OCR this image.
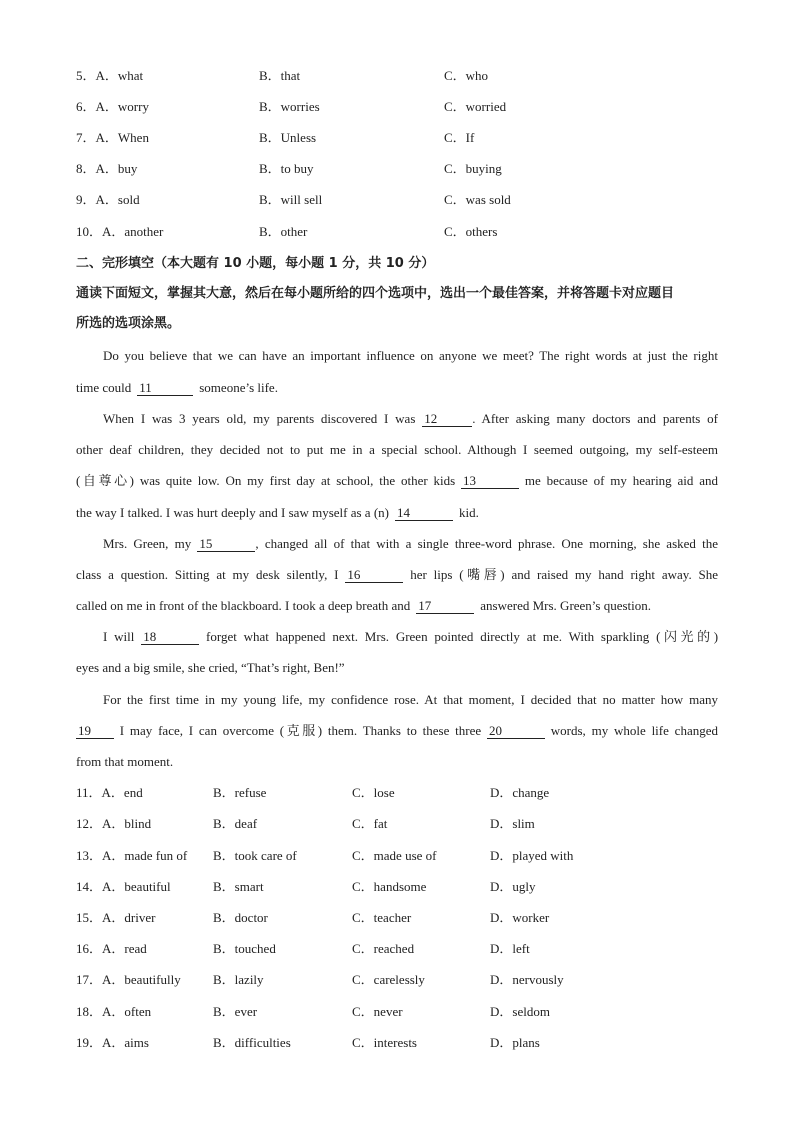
5．A．what	B．that	C．who
6．A．worry	B．worries	C．worried
7．A．When	B．Unless	C．If
8．A．buy	B．to buy	C．buying
9．A．sold	B．will sell	C．was sold
10．A．another	B．other	C．others
二、完形填空（本大题有 10 小题，每小题 1 分，共 10 分）
通读下面短文，掌握其大意，然后在每小题所给的四个选项中，选出一个最佳答案，并将答题卡对应题目
所选的选项涂黑。
Do you believe that we can have an important influence on anyone we meet? The right words at just the right
time could 11	someone’s life.
When I was 3 years old, my parents discovered I was 12	. After asking many doctors and parents of
other deaf children, they decided not to put me in a special school. Although I seemed outgoing, my self-esteem
(自尊心) was quite low. On my first day at school, the other kids 13	me because of my hearing aid and
the way I talked. I was hurt deeply and I saw myself as a (n) 14	kid.
Mrs. Green, my 15	, changed all of that with a single three-word phrase. One morning, she asked the
class a question. Sitting at my desk silently, I 16	her lips (嘴唇) and raised my hand right away. She
called on me in front of the blackboard. I took a deep breath and 17	answered Mrs. Green’s question.
I will 18	forget what happened next. Mrs. Green pointed directly at me. With sparkling (闪光的)
eyes and a big smile, she cried, “That’s right, Ben!”
For the first time in my young life, my confidence rose. At that moment, I decided that no matter how many
19 I may face, I can overcome (克服) them. Thanks to these three 20	words, my whole life changed
from that moment.
11．A．end	B．refuse	C．lose	D．change
12．A．blind	B．deaf	C．fat	D．slim
13．A．made fun of B．took care of	C．made use of	D．played with
14．A．beautiful	B．smart	C．handsome	D．ugly
15．A．driver	B．doctor	C．teacher	D．worker
16．A．read	B．touched	C．reached	D．left
17．A．beautifully B．lazily	C．carelessly	D．nervously
18．A．often	B．ever	C．never	D．seldom
19．A．aims	B．difficulties	C．interests	D．plans
